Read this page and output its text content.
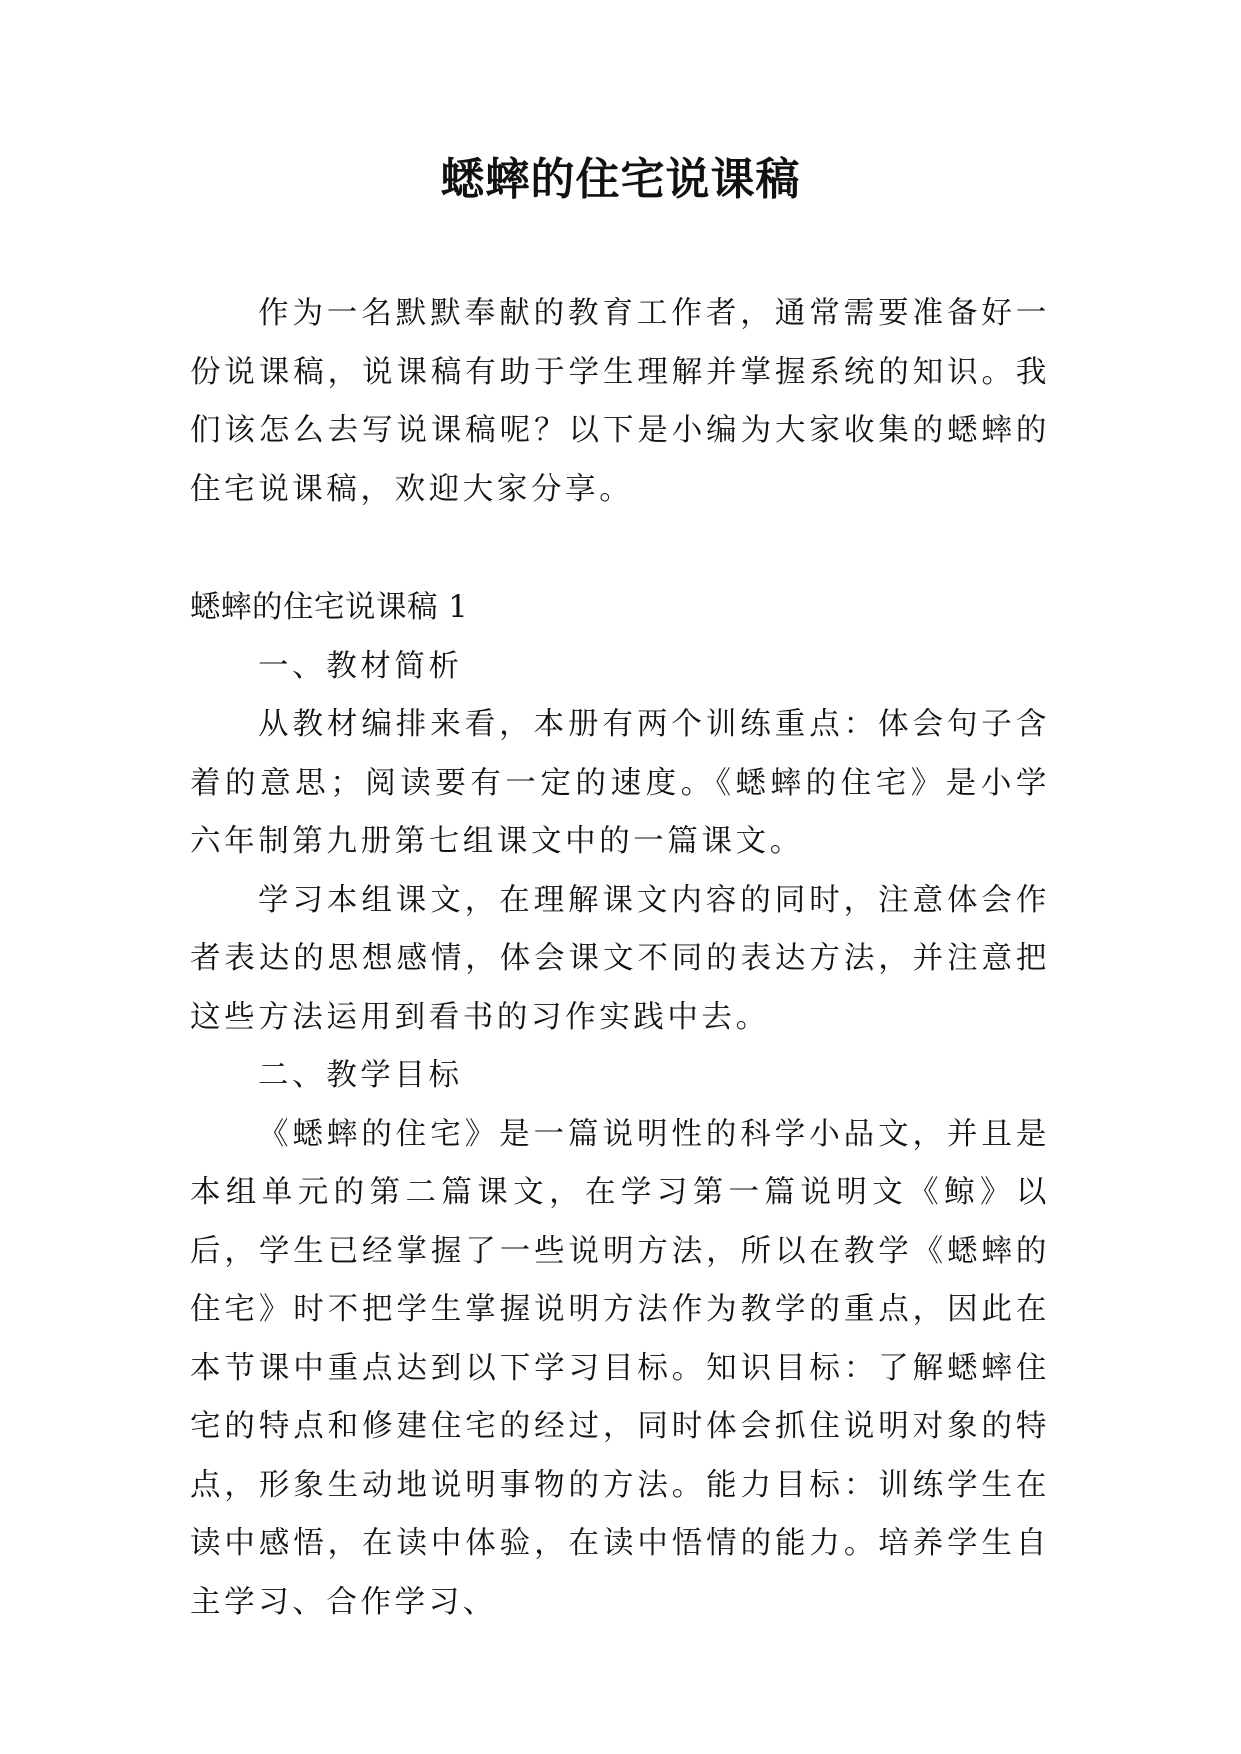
蟋蟀的住宅说课稿

作为一名默默奉献的教育工作者，通常需要准备好一份说课稿，说课稿有助于学生理解并掌握系统的知识。我们该怎么去写说课稿呢？以下是小编为大家收集的蟋蟀的住宅说课稿，欢迎大家分享。

蟋蟀的住宅说课稿 1

一、教材简析

从教材编排来看，本册有两个训练重点：体会句子含着的意思；阅读要有一定的速度。《蟋蟀的住宅》是小学六年制第九册第七组课文中的一篇课文。

学习本组课文，在理解课文内容的同时，注意体会作者表达的思想感情，体会课文不同的表达方法，并注意把这些方法运用到看书的习作实践中去。

二、教学目标

《蟋蟀的住宅》是一篇说明性的科学小品文，并且是本组单元的第二篇课文，在学习第一篇说明文《鲸》以后，学生已经掌握了一些说明方法，所以在教学《蟋蟀的住宅》时不把学生掌握说明方法作为教学的重点，因此在本节课中重点达到以下学习目标。知识目标：了解蟋蟀住宅的特点和修建住宅的经过，同时体会抓住说明对象的特点，形象生动地说明事物的方法。能力目标：训练学生在读中感悟，在读中体验，在读中悟情的能力。培养学生自主学习、合作学习、
